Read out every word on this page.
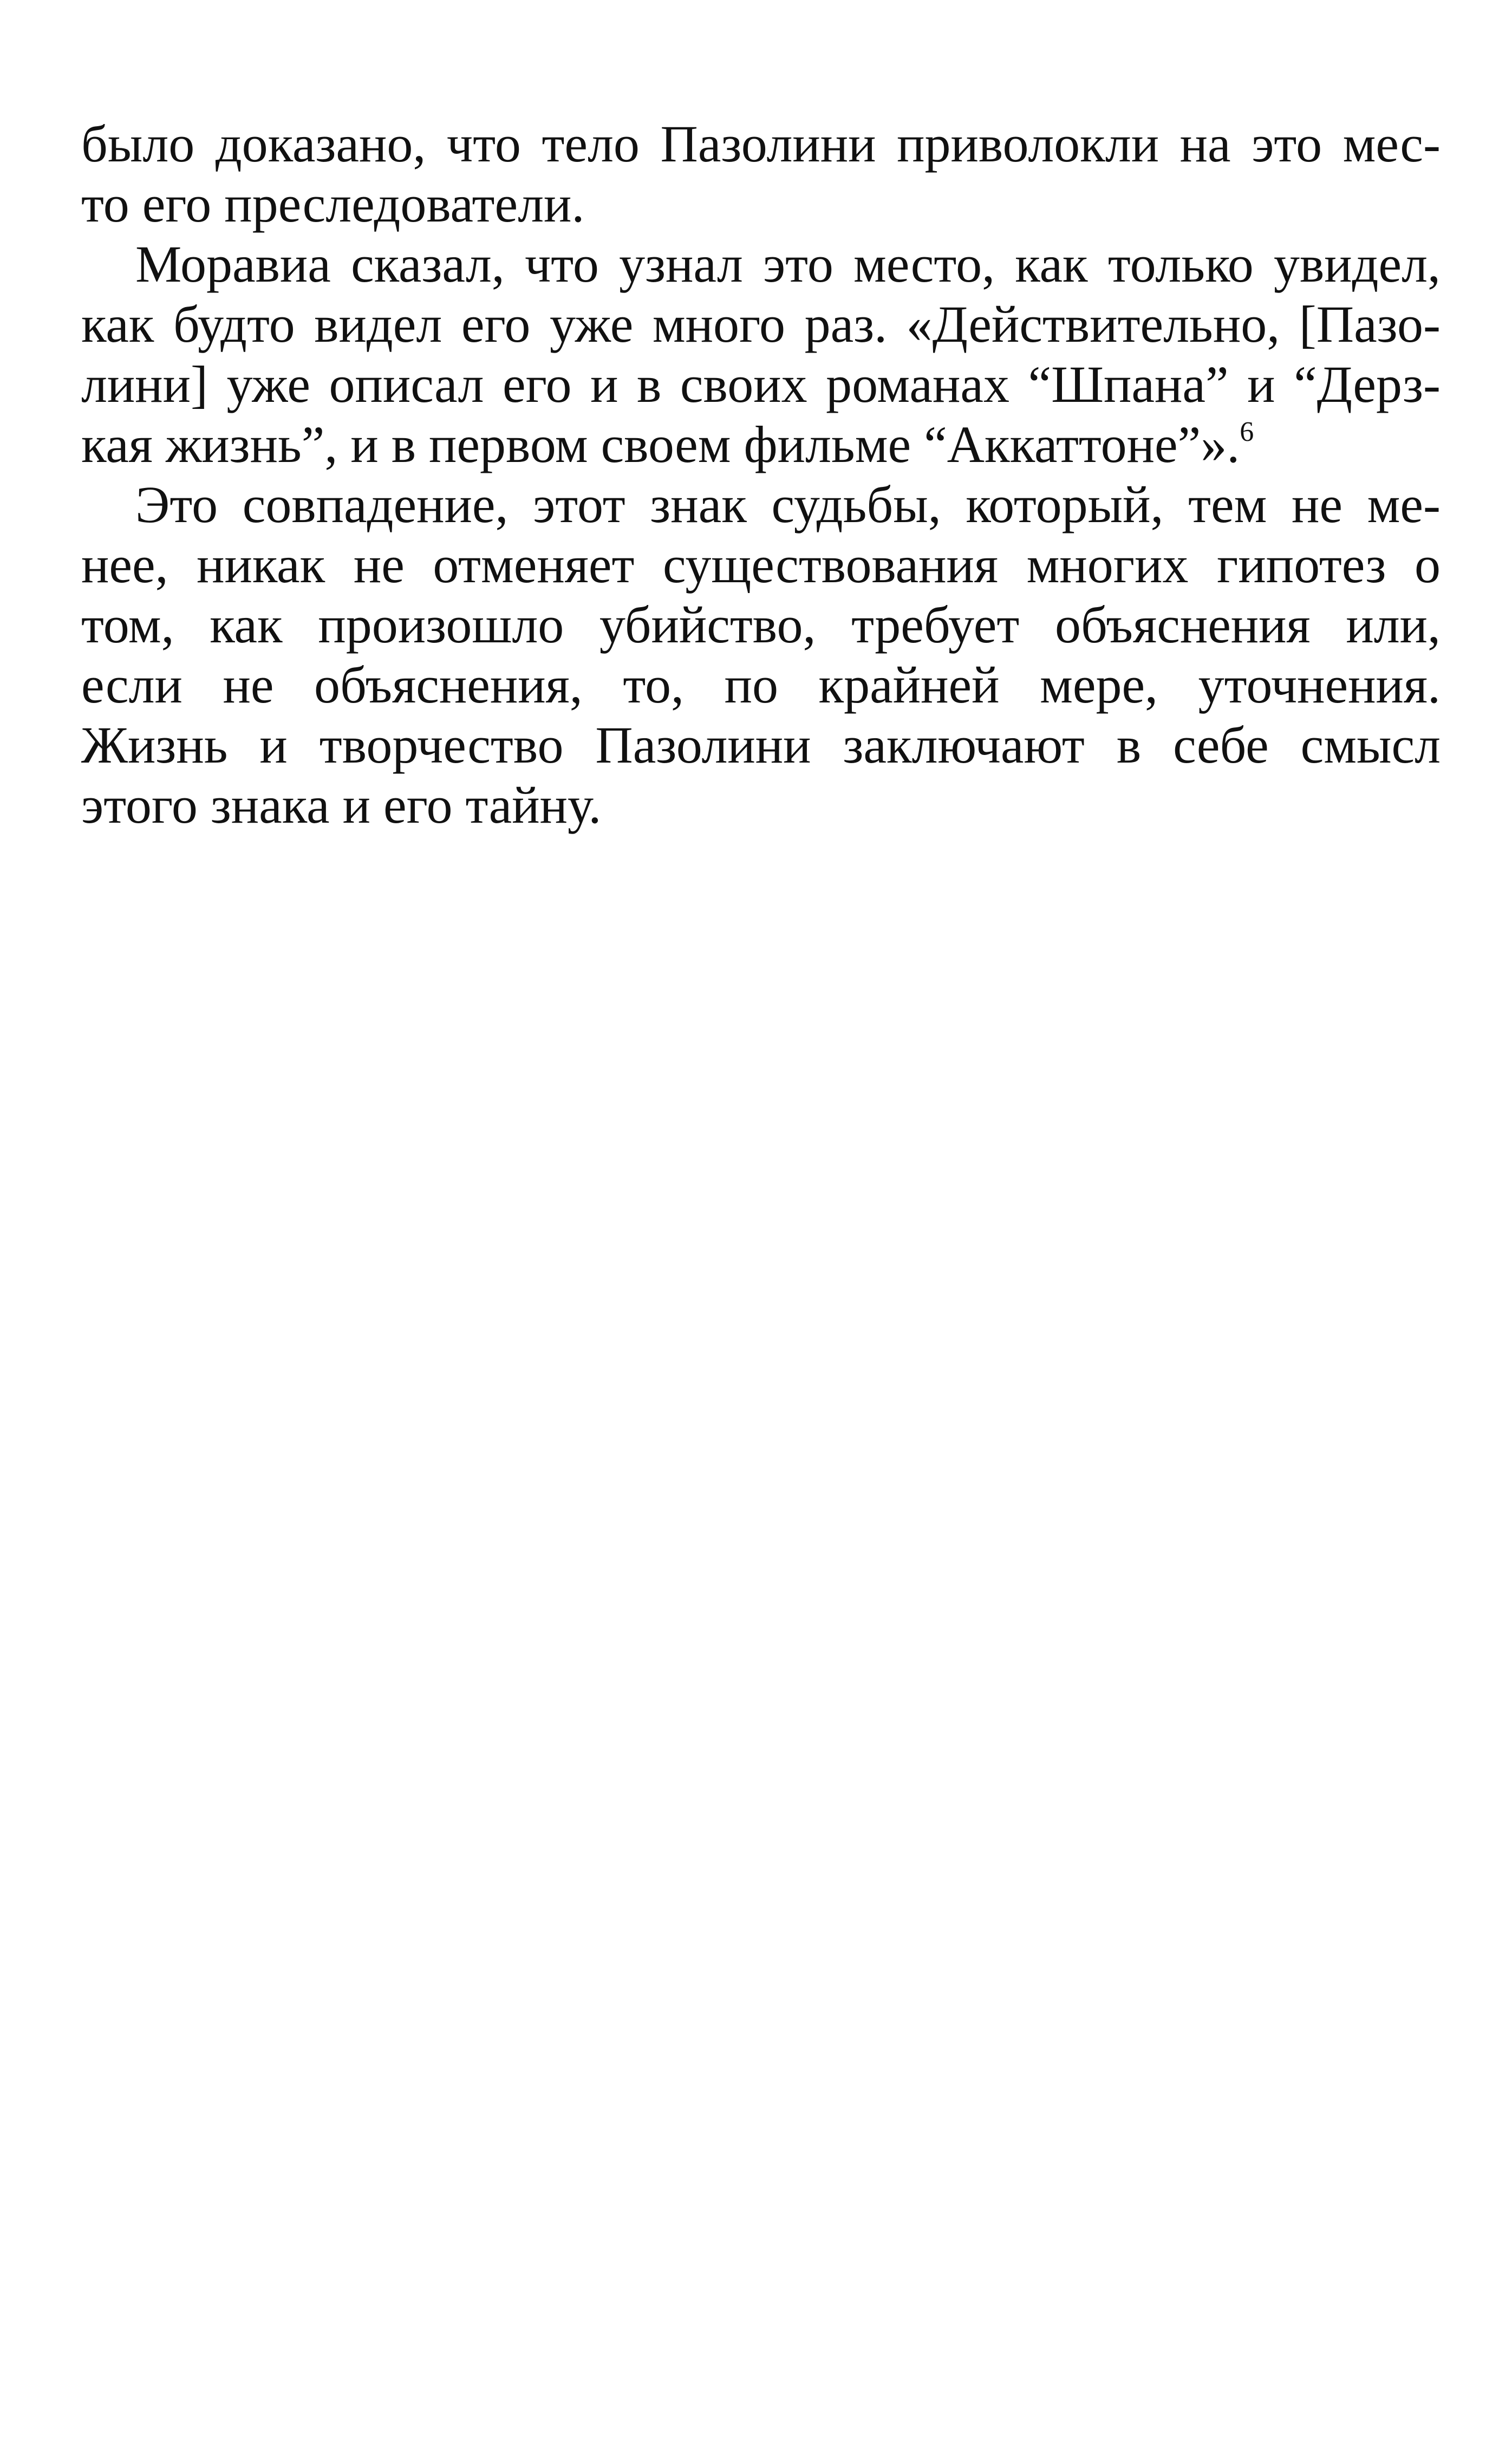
было доказано, что тело Пазолини приволокли на это мес-

то его преследователи.

Моравиа сказал, что узнал это место, как только увидел,

как будто видел его уже много раз. «Действительно, [Пазо-

лини] уже описал его и в своих романах “Шпана” и “Дерз-

кая жизнь”, и в первом своем фильме “Аккаттоне”».$^6$

Это совпадение, этот знак судьбы, который, тем не ме-

нее, никак не отменяет существования многих гипотез о

том, как произошло убийство, требует объяснения или,

если не объяснения, то, по крайней мере, уточнения.

Жизнь и творчество Пазолини заключают в себе смысл

этого знака и его тайну.
